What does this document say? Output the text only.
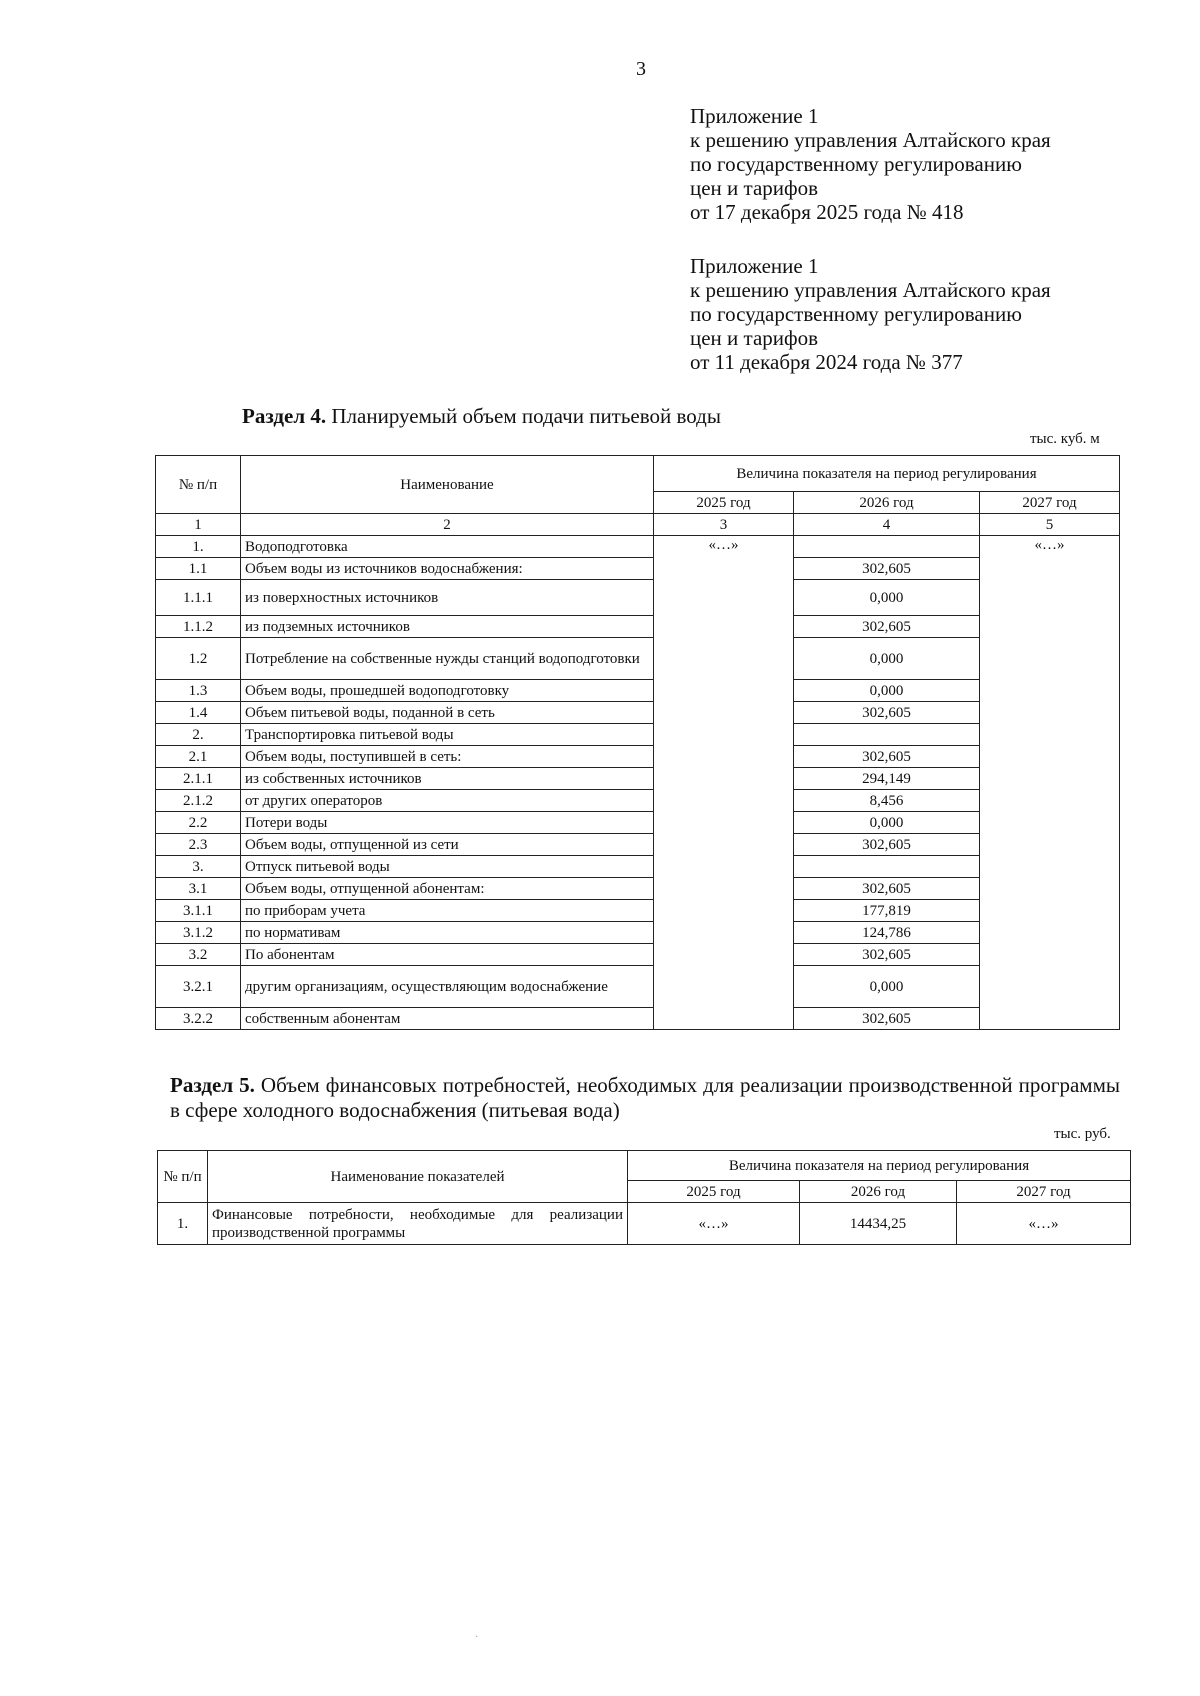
3
Приложение 1
к решению управления Алтайского края
по государственному регулированию
цен и тарифов
от 17 декабря 2025 года № 418
Приложение 1
к решению управления Алтайского края
по государственному регулированию
цен и тарифов
от 11 декабря 2024 года № 377
Раздел 4. Планируемый объем подачи питьевой воды
тыс. куб. м
№ п/п	Наименование	Величина показателя на период регулирования		
		2025 год	2026 год	2027 год
1	2	3	4	5
1.	Водоподготовка	«…»		«…»
1.1	Объем воды из источников водоснабжения:		302,605	
1.1.1	из поверхностных источников		0,000	
1.1.2	из подземных источников		302,605	
1.2	Потребление на собственные нужды станций водоподготовки		0,000	
1.3	Объем воды, прошедшей водоподготовку		0,000	
1.4	Объем питьевой воды, поданной в сеть		302,605	
2.	Транспортировка питьевой воды			
2.1	Объем воды, поступившей в сеть:		302,605	
2.1.1	из собственных источников		294,149	
2.1.2	от других операторов		8,456	
2.2	Потери воды		0,000	
2.3	Объем воды, отпущенной из сети		302,605	
3.	Отпуск питьевой воды			
3.1	Объем воды, отпущенной абонентам:		302,605	
3.1.1	по приборам учета		177,819	
3.1.2	по нормативам		124,786	
3.2	По абонентам		302,605	
3.2.1	другим организациям, осуществляющим водоснабжение		0,000	
3.2.2	собственным абонентам		302,605	
Раздел 5. Объем финансовых потребностей, необходимых для реализации производственной программы в сфере холодного водоснабжения (питьевая вода)
тыс. руб.
№ п/п	Наименование показателей	Величина показателя на период регулирования		
		2025 год	2026 год	2027 год
1.	Финансовые потребности, необходимые для реализации производственной программы	«…»	14434,25	«…»
·
